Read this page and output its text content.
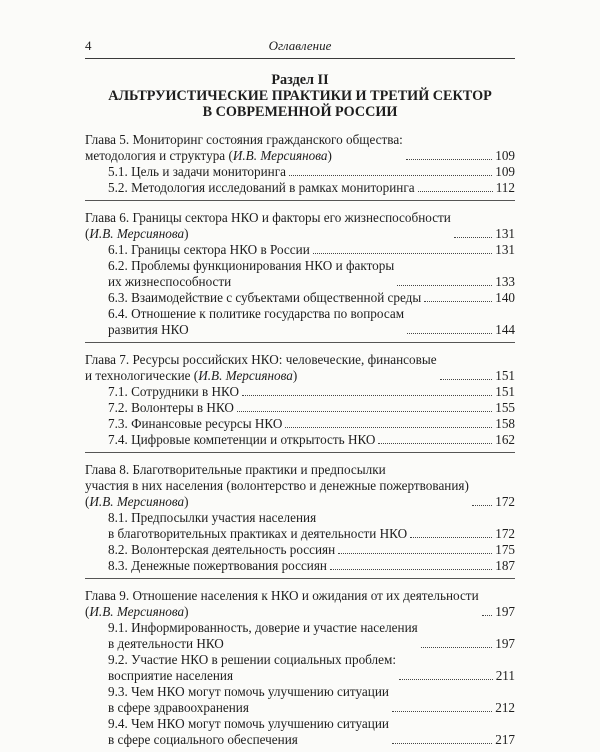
4	Оглавление
Раздел II
АЛЬТРУИСТИЧЕСКИЕ ПРАКТИКИ И ТРЕТИЙ СЕКТОР
В СОВРЕМЕННОЙ РОССИИ
Глава 5. Мониторинг состояния гражданского общества:
методология и структура (И.В. Мерсиянова)	109
5.1. Цель и задачи мониторинга	109
5.2. Методология исследований в рамках мониторинга	112
Глава 6. Границы сектора НКО и факторы его жизнеспособности
(И.В. Мерсиянова)	131
6.1. Границы сектора НКО в России	131
6.2. Проблемы функционирования НКО и факторы
их жизнеспособности	133
6.3. Взаимодействие с субъектами общественной среды	140
6.4. Отношение к политике государства по вопросам
развития НКО	144
Глава 7. Ресурсы российских НКО: человеческие, финансовые
и технологические (И.В. Мерсиянова)	151
7.1. Сотрудники в НКО	151
7.2. Волонтеры в НКО	155
7.3. Финансовые ресурсы НКО	158
7.4. Цифровые компетенции и открытость НКО	162
Глава 8. Благотворительные практики и предпосылки
участия в них населения (волонтерство и денежные пожертвования)
(И.В. Мерсиянова)	172
8.1. Предпосылки участия населения
в благотворительных практиках и деятельности НКО	172
8.2. Волонтерская деятельность россиян	175
8.3. Денежные пожертвования россиян	187
Глава 9. Отношение населения к НКО и ожидания от их деятельности
(И.В. Мерсиянова)	197
9.1. Информированность, доверие и участие населения
в деятельности НКО	197
9.2. Участие НКО в решении социальных проблем:
восприятие населения	211
9.3. Чем НКО могут помочь улучшению ситуации
в сфере здравоохранения	212
9.4. Чем НКО могут помочь улучшению ситуации
в сфере социального обеспечения	217
